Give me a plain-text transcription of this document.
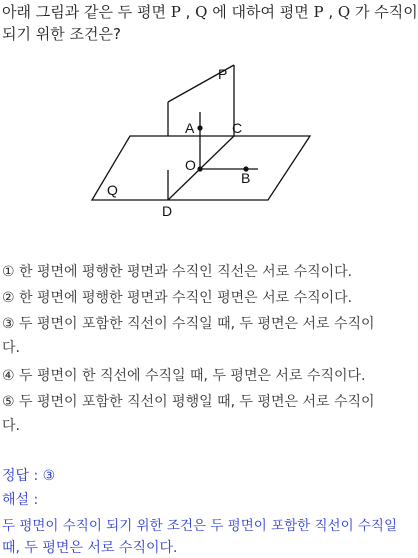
아래 그림과 같은 두 평면 P , Q 에 대하여 평면 P , Q 가 수직이
되기 위한 조건은?
P
Q
A
B
C
O
D
① 한 평면에 평행한 평면과 수직인 직선은 서로 수직이다.
② 한 평면에 평행한 평면과 수직인 평면은 서로 수직이다.
③ 두 평면이 포함한 직선이 수직일 때, 두 평면은 서로 수직이
다.
④ 두 평면이 한 직선에 수직일 때, 두 평면은 서로 수직이다.
⑤ 두 평면이 포함한 직선이 평행일 때, 두 평면은 서로 수직이
다.
정답 : ③
해설 :
두 평면이 수직이 되기 위한 조건은 두 평면이 포함한 직선이 수직일
때, 두 평면은 서로 수직이다.
